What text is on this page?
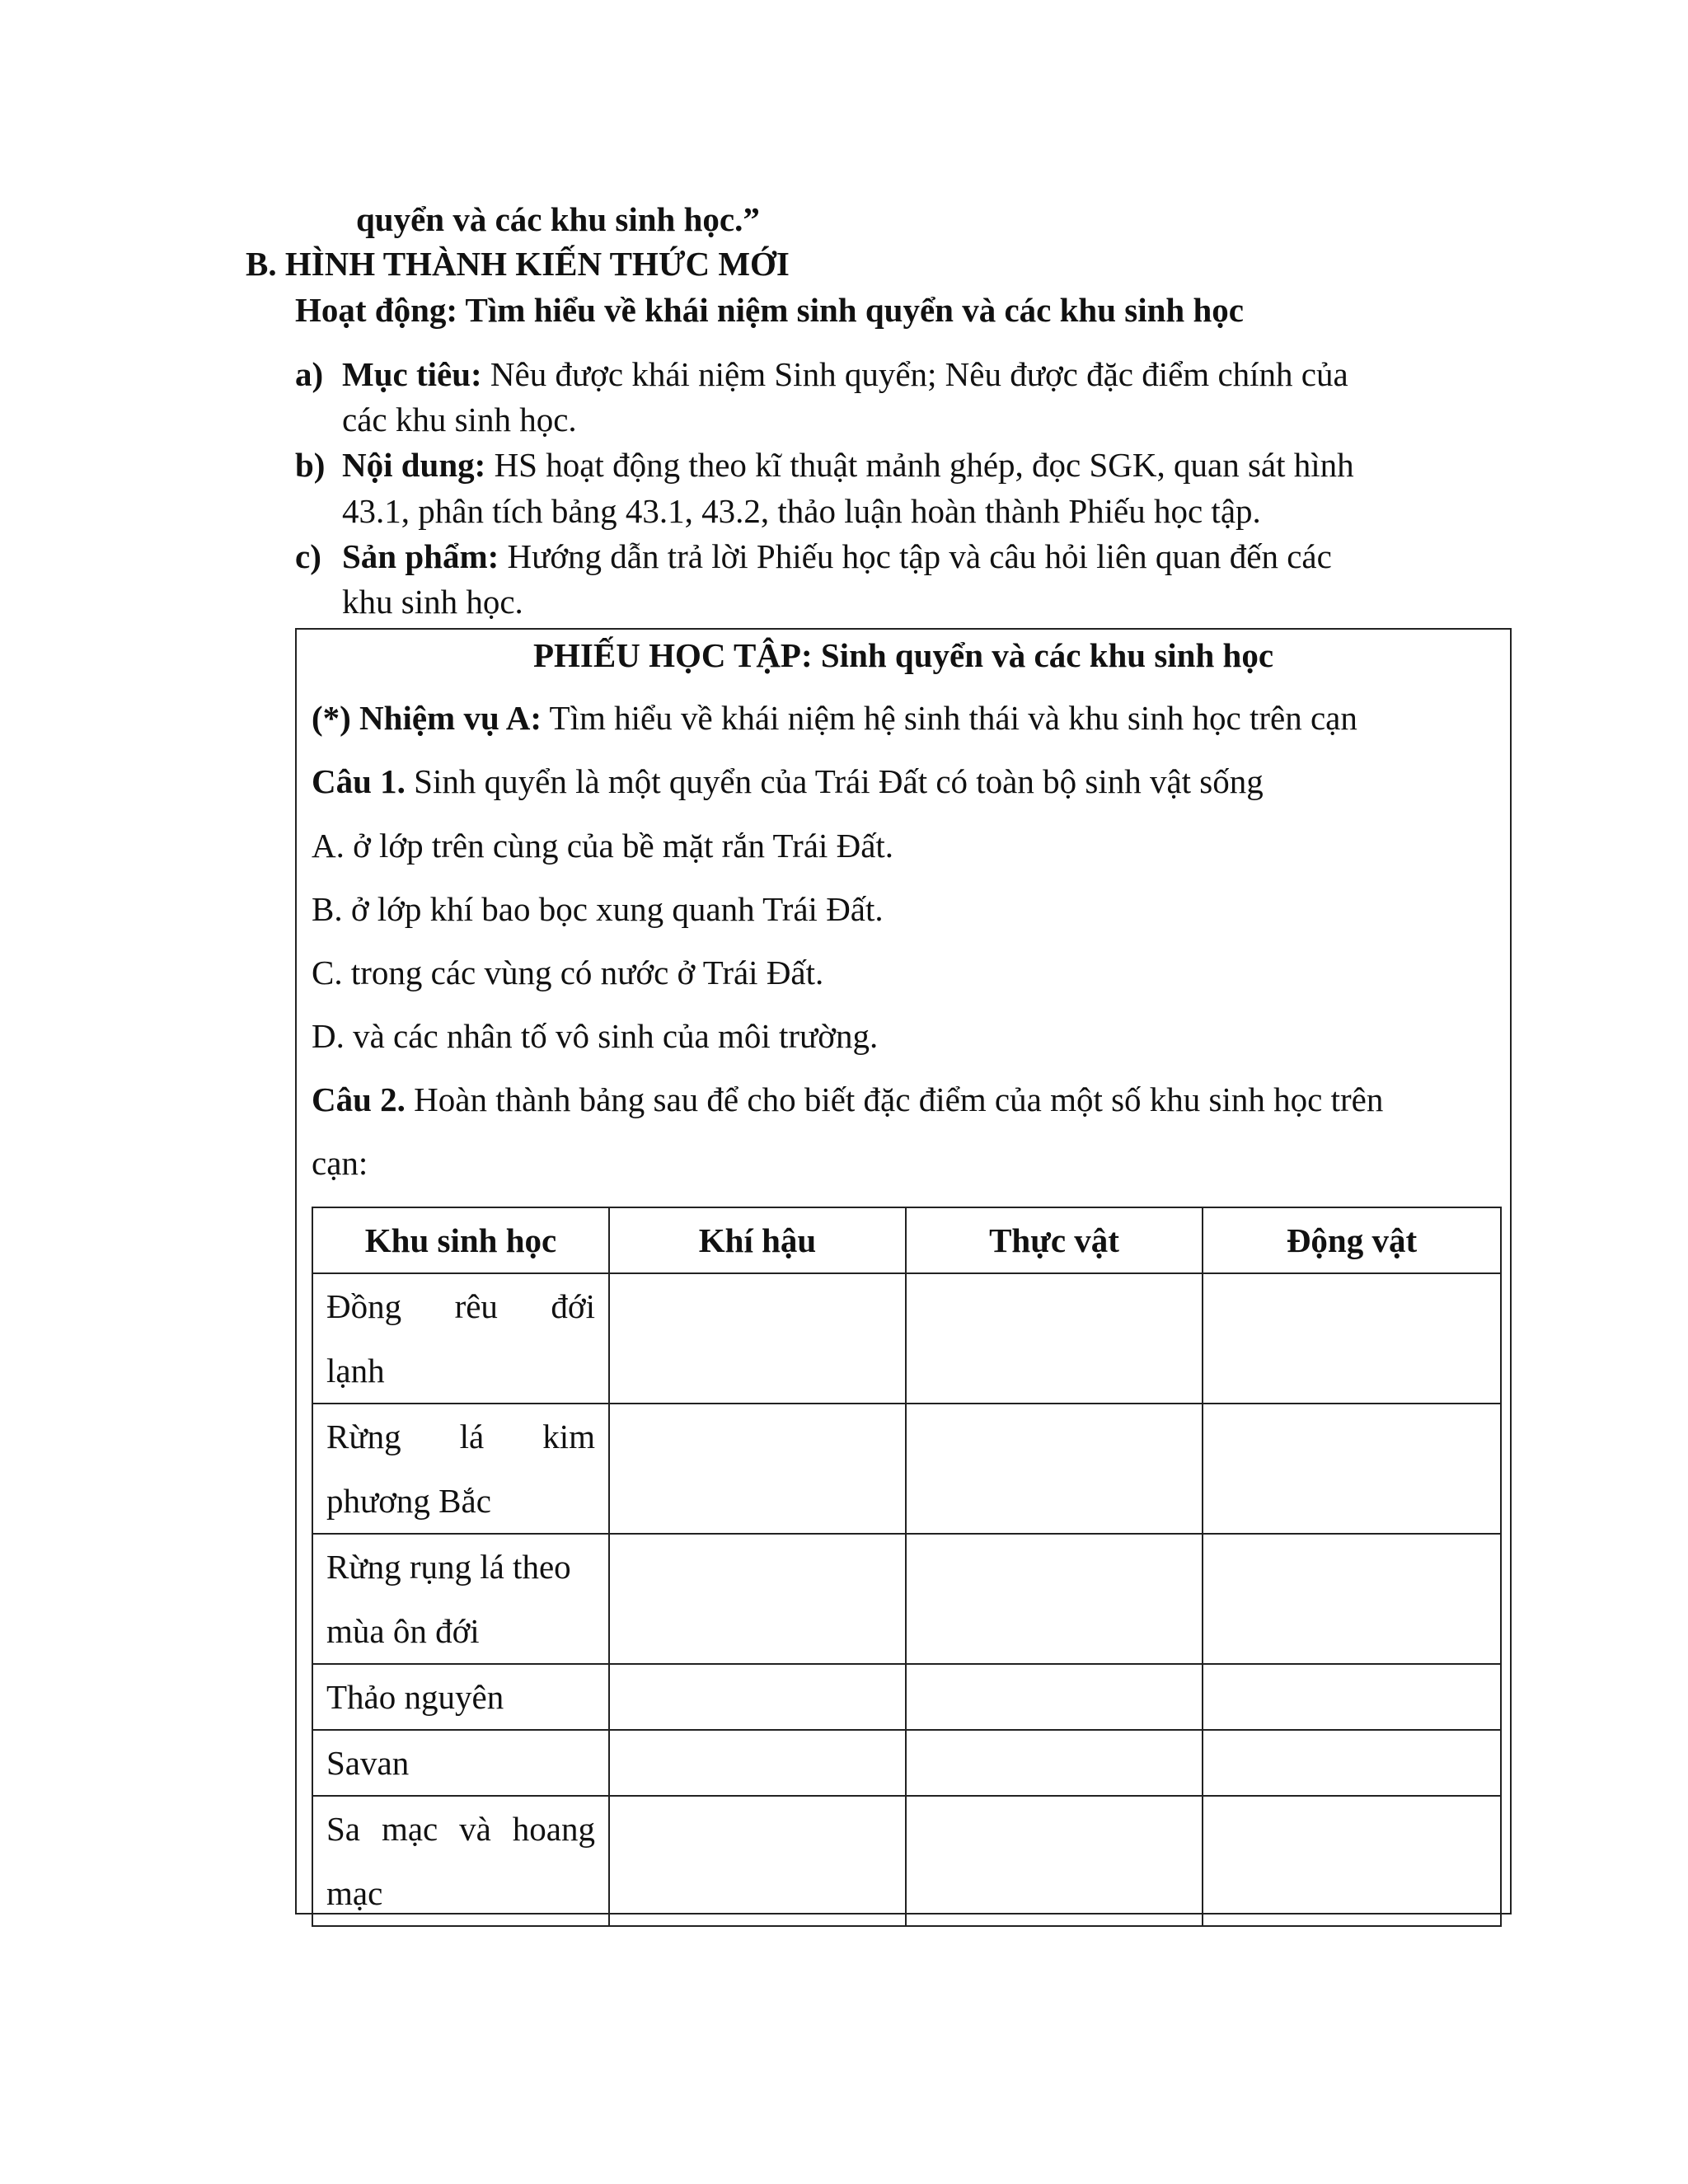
quyển và các khu sinh học.”
B. HÌNH THÀNH KIẾN THỨC MỚI
Hoạt động: Tìm hiểu về khái niệm sinh quyển và các khu sinh học
a) Mục tiêu: Nêu được khái niệm Sinh quyển; Nêu được đặc điểm chính của
các khu sinh học.
b) Nội dung: HS hoạt động theo kĩ thuật mảnh ghép, đọc SGK, quan sát hình
43.1, phân tích bảng 43.1, 43.2, thảo luận hoàn thành Phiếu học tập.
c) Sản phẩm: Hướng dẫn trả lời Phiếu học tập và câu hỏi liên quan đến các
khu sinh học.
PHIẾU HỌC TẬP: Sinh quyển và các khu sinh học
(*) Nhiệm vụ A: Tìm hiểu về khái niệm hệ sinh thái và khu sinh học trên cạn
Câu 1. Sinh quyển là một quyển của Trái Đất có toàn bộ sinh vật sống
A. ở lớp trên cùng của bề mặt rắn Trái Đất.
B. ở lớp khí bao bọc xung quanh Trái Đất.
C. trong các vùng có nước ở Trái Đất.
D. và các nhân tố vô sinh của môi trường.
Câu 2. Hoàn thành bảng sau để cho biết đặc điểm của một số khu sinh học trên
cạn:
Khu sinh học	Khí hậu	Thực vật	Động vật

Đồng rêu đới
lạnh			

Rừng lá kim
phương Bắc			

Rừng rụng lá theo
mùa ôn đới			

Thảo nguyên			

Savan			

Sa mạc và hoang
mạc			
